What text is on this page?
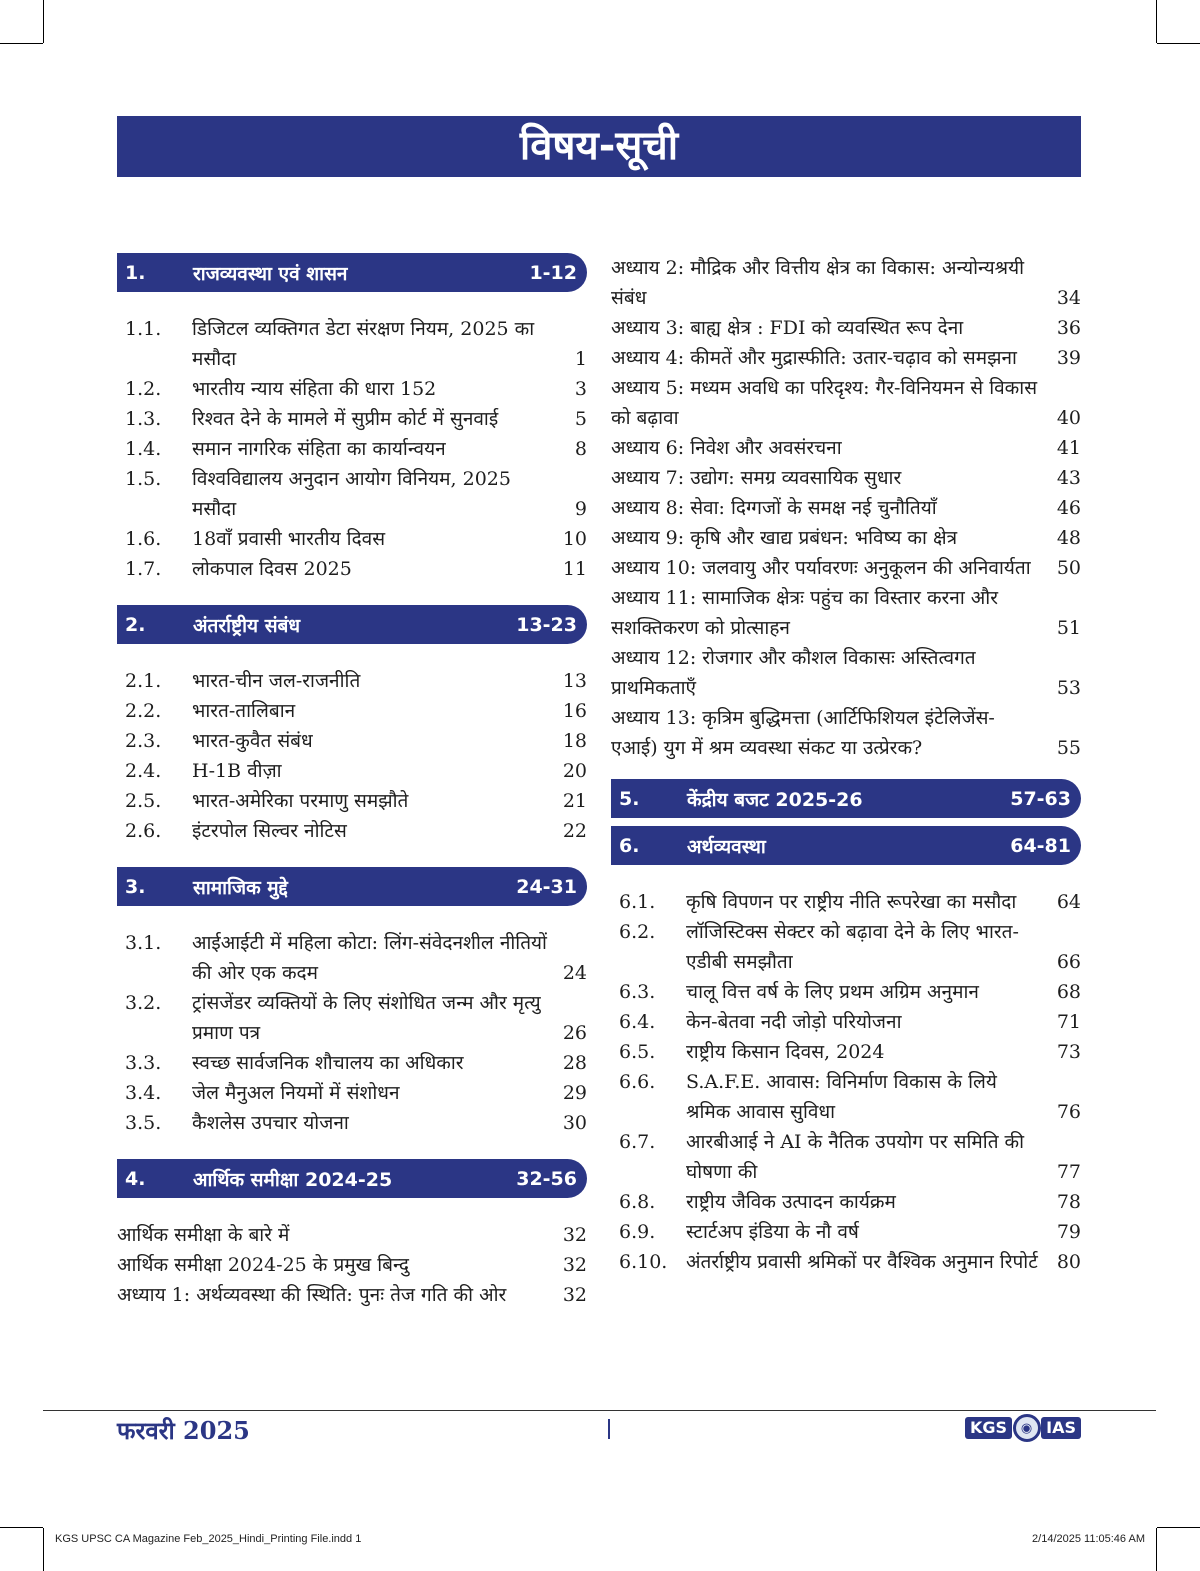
विषय-सूची
1.	राजव्यवस्था एवं शासन	1-12
1.1.	डिजिटल व्यक्तिगत डेटा संरक्षण नियम, 2025 का मसौदा	1
1.2.	भारतीय न्याय संहिता की धारा 152	3
1.3.	रिश्वत देने के मामले में सुप्रीम कोर्ट में सुनवाई	5
1.4.	समान नागरिक संहिता का कार्यान्वयन	8
1.5.	विश्वविद्यालय अनुदान आयोग विनियम, 2025 मसौदा	9
1.6.	18वाँ प्रवासी भारतीय दिवस	10
1.7.	लोकपाल दिवस 2025	11
2.	अंतर्राष्ट्रीय संबंध	13-23
2.1.	भारत-चीन जल-राजनीति	13
2.2.	भारत-तालिबान	16
2.3.	भारत-कुवैत संबंध	18
2.4.	H-1B वीज़ा	20
2.5.	भारत-अमेरिका परमाणु समझौते	21
2.6.	इंटरपोल सिल्वर नोटिस	22
3.	सामाजिक मुद्दे	24-31
3.1.	आईआईटी में महिला कोटा: लिंग-संवेदनशील नीतियों की ओर एक कदम	24
3.2.	ट्रांसजेंडर व्यक्तियों के लिए संशोधित जन्म और मृत्यु प्रमाण पत्र	26
3.3.	स्वच्छ सार्वजनिक शौचालय का अधिकार	28
3.4.	जेल मैनुअल नियमों में संशोधन	29
3.5.	कैशलेस उपचार योजना	30
4.	आर्थिक समीक्षा 2024-25	32-56
आर्थिक समीक्षा के बारे में	32
आर्थिक समीक्षा 2024-25 के प्रमुख बिन्दु	32
अध्याय 1: अर्थव्यवस्था की स्थिति: पुनः तेज गति की ओर	32
अध्याय 2: मौद्रिक और वित्तीय क्षेत्र का विकास: अन्योन्यश्रयी संबंध	34
अध्याय 3: बाह्य क्षेत्र : FDI को व्यवस्थित रूप देना	36
अध्याय 4: कीमतें और मुद्रास्फीति: उतार-चढ़ाव को समझना	39
अध्याय 5: मध्यम अवधि का परिदृश्य: गैर-विनियमन से विकास को बढ़ावा	40
अध्याय 6: निवेश और अवसंरचना	41
अध्याय 7: उद्योग: समग्र व्यवसायिक सुधार	43
अध्याय 8: सेवा: दिग्गजों के समक्ष नई चुनौतियाँ	46
अध्याय 9: कृषि और खाद्य प्रबंधन: भविष्य का क्षेत्र	48
अध्याय 10: जलवायु और पर्यावरणः अनुकूलन की अनिवार्यता	50
अध्याय 11: सामाजिक क्षेत्रः पहुंच का विस्तार करना और सशक्तिकरण को प्रोत्साहन	51
अध्याय 12: रोजगार और कौशल विकासः अस्तित्वगत प्राथमिकताएँ	53
अध्याय 13: कृत्रिम बुद्धिमत्ता (आर्टिफिशियल इंटेलिजेंस-एआई) युग में श्रम व्यवस्था संकट या उत्प्रेरक?	55
5.	केंद्रीय बजट 2025-26	57-63
6.	अर्थव्यवस्था	64-81
6.1.	कृषि विपणन पर राष्ट्रीय नीति रूपरेखा का मसौदा	64
6.2.	लॉजिस्टिक्स सेक्टर को बढ़ावा देने के लिए भारत-एडीबी समझौता	66
6.3.	चालू वित्त वर्ष के लिए प्रथम अग्रिम अनुमान	68
6.4.	केन-बेतवा नदी जोड़ो परियोजना	71
6.5.	राष्ट्रीय किसान दिवस, 2024	73
6.6.	S.A.F.E. आवास: विनिर्माण विकास के लिये श्रमिक आवास सुविधा	76
6.7.	आरबीआई ने AI के नैतिक उपयोग पर समिति की घोषणा की	77
6.8.	राष्ट्रीय जैविक उत्पादन कार्यक्रम	78
6.9.	स्टार्टअप इंडिया के नौ वर्ष	79
6.10. अंतर्राष्ट्रीय प्रवासी श्रमिकों पर वैश्विक अनुमान रिपोर्ट	80
फरवरी 2025	KGS	◉ IAS
KGS UPSC CA Magazine Feb_2025_Hindi_Printing File.indd 1	2/14/2025 11:05:46 AM
